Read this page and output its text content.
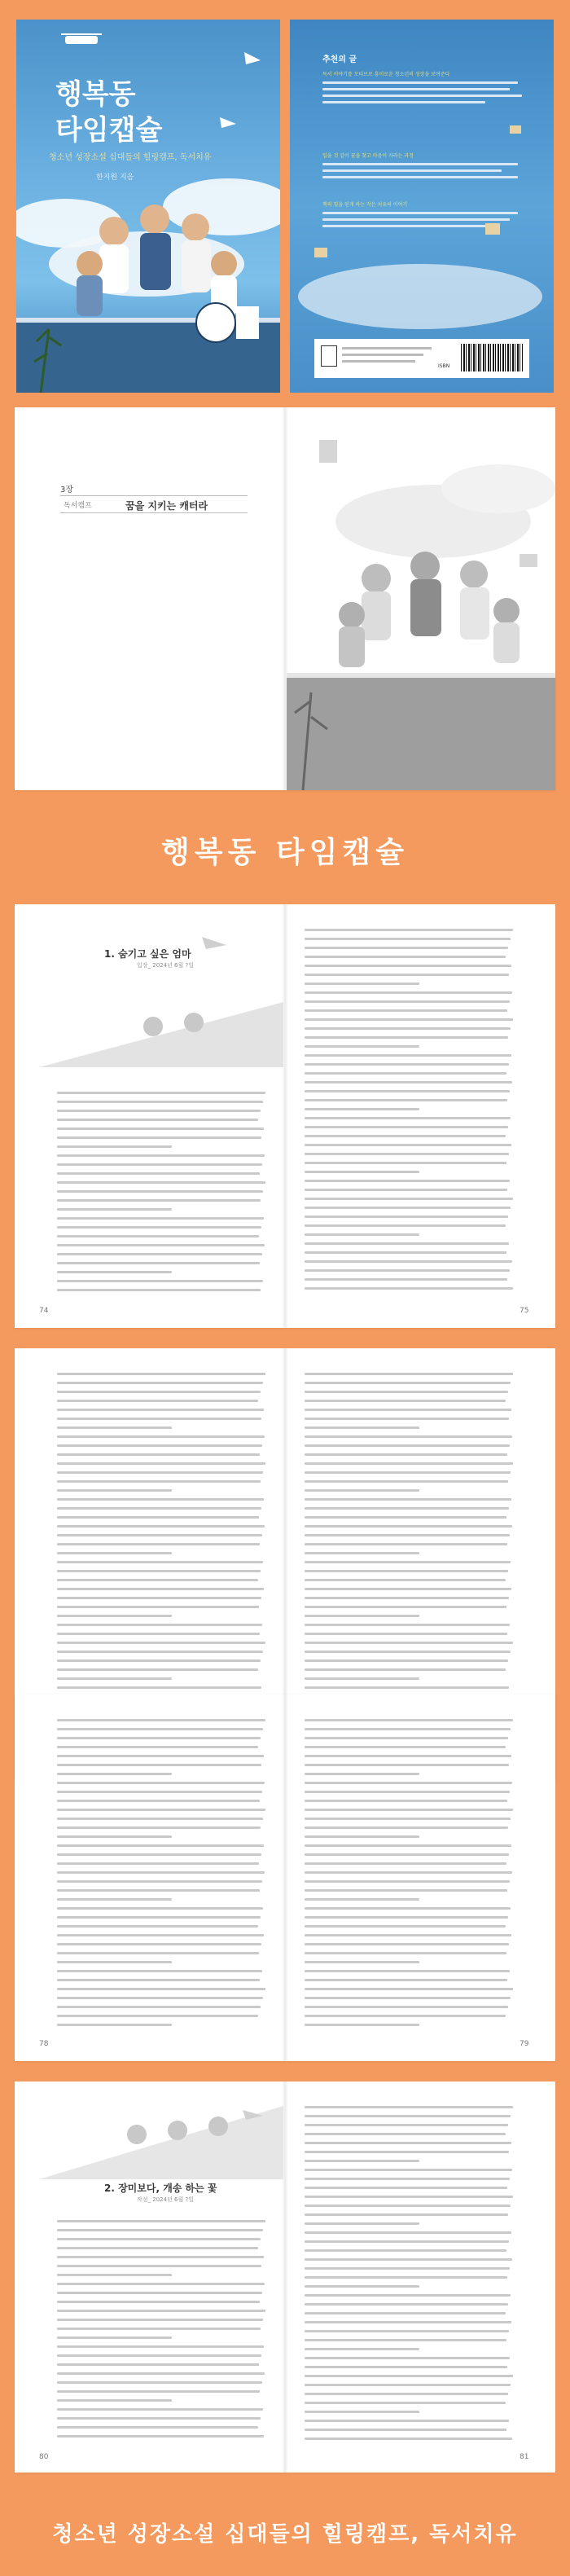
행복동
타임캡슐
청소년 성장소설 십대들의 힐링캠프, 독서치유
한지원 지음
추천의 글
독서 이야기를 모티브로 흥미로운 청소년의 성장을 보여준다
입을 것 같이 꿈을 찾고 마음이 자라는 과정
책의 힘을 믿게 하는 작은 치유의 이야기
ISBN
3장
독서캠프	꿈을 지키는 캐터라
행복동 타임캡슐
1. 숨기고 싶은 엄마
입장_ 2024년 6월 ?일
74	75
78	79
2. 장미보다, 개송 하는 꽃
작성_ 2024년 6월 ?일
80	81
청소년 성장소설 십대들의 힐링캠프, 독서치유
